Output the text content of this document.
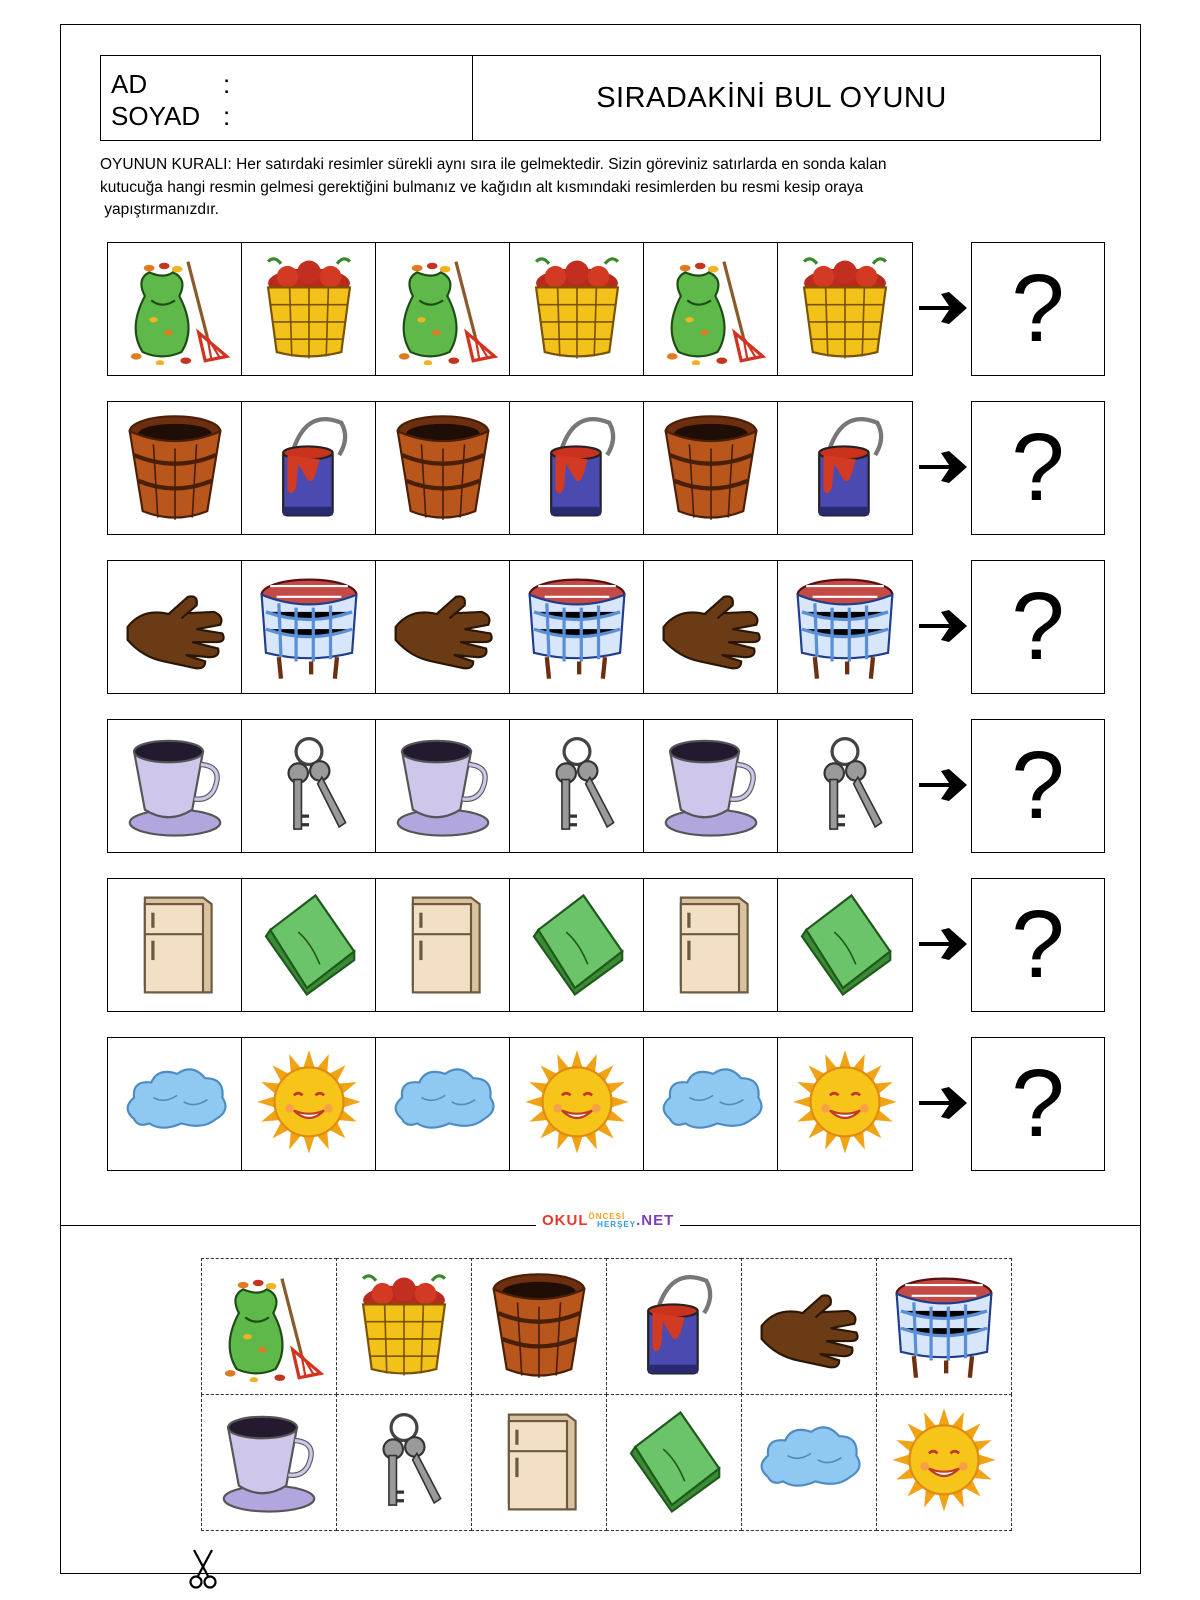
AD	:
SOYAD :
SIRADAKİNİ BUL OYUNU
OYUNUN KURALI: Her satırdaki resimler sürekli aynı sıra ile gelmektedir. Sizin göreviniz satırlarda en sonda kalan
kutucuğa hangi resmin gelmesi gerektiğini bulmanız ve kağıdın alt kısmındaki resimlerden bu resmi kesip oraya
yapıştırmanızdır.
?
?
?
?
?
?
$OKUL^{ÖNCESİ}HERŞEY.NET$
